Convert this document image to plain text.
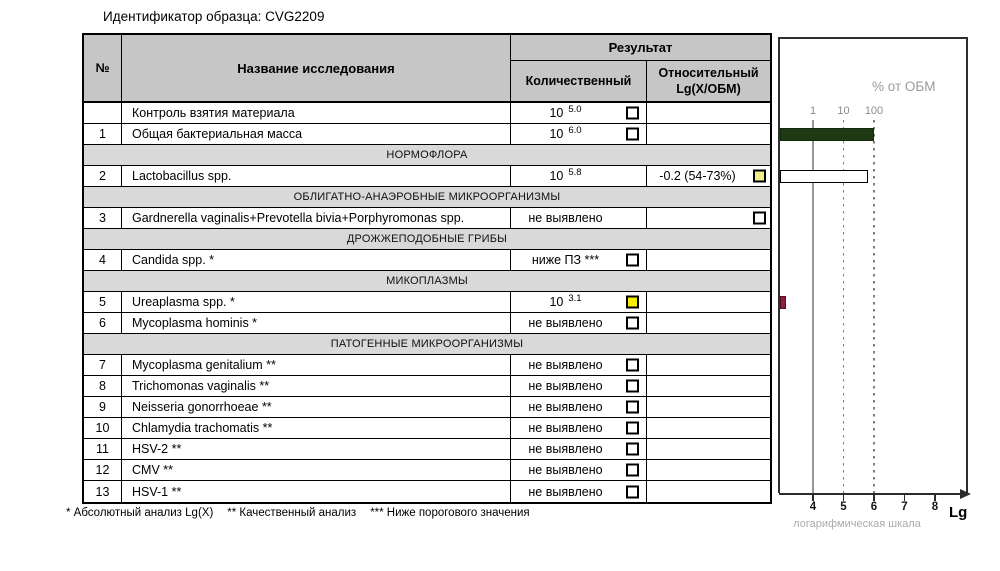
Идентификатор образца: CVG2209
№	Название исследования
Результат
Количественный
Относительный Lg(X/ОБМ)
Контроль взятия материала	10 $^{5.0}$
1	Общая бактериальная масса	10 $^{6.0}$
НОРМОФЛОРА
2	Lactobacillus spp.	10 $^{5.8}$	-0.2 (54-73%)
ОБЛИГАТНО-АНАЭРОБНЫЕ МИКРООРГАНИЗМЫ
3	Gardnerella vaginalis+Prevotella bivia+Porphyromonas spp.	не выявлено
ДРОЖЖЕПОДОБНЫЕ ГРИБЫ
4	Candida spp. *	ниже ПЗ ***
МИКОПЛАЗМЫ
5	Ureaplasma spp. *	10 $^{3.1}$
6	Mycoplasma hominis *	не выявлено
ПАТОГЕННЫЕ МИКРООРГАНИЗМЫ
7	Mycoplasma genitalium **	не выявлено
8	Trichomonas vaginalis **	не выявлено
9	Neisseria gonorrhoeae **	не выявлено
10	Chlamydia trachomatis **	не выявлено
11	HSV-2 **	не выявлено
12	CMV **	не выявлено
13	HSV-1 **	не выявлено
* Абсолютный анализ Lg(X) ** Качественный анализ *** Ниже порогового значения
% от ОБМ
1	10	100
4	5	6	7	8 Lg
логарифмическая шкала
